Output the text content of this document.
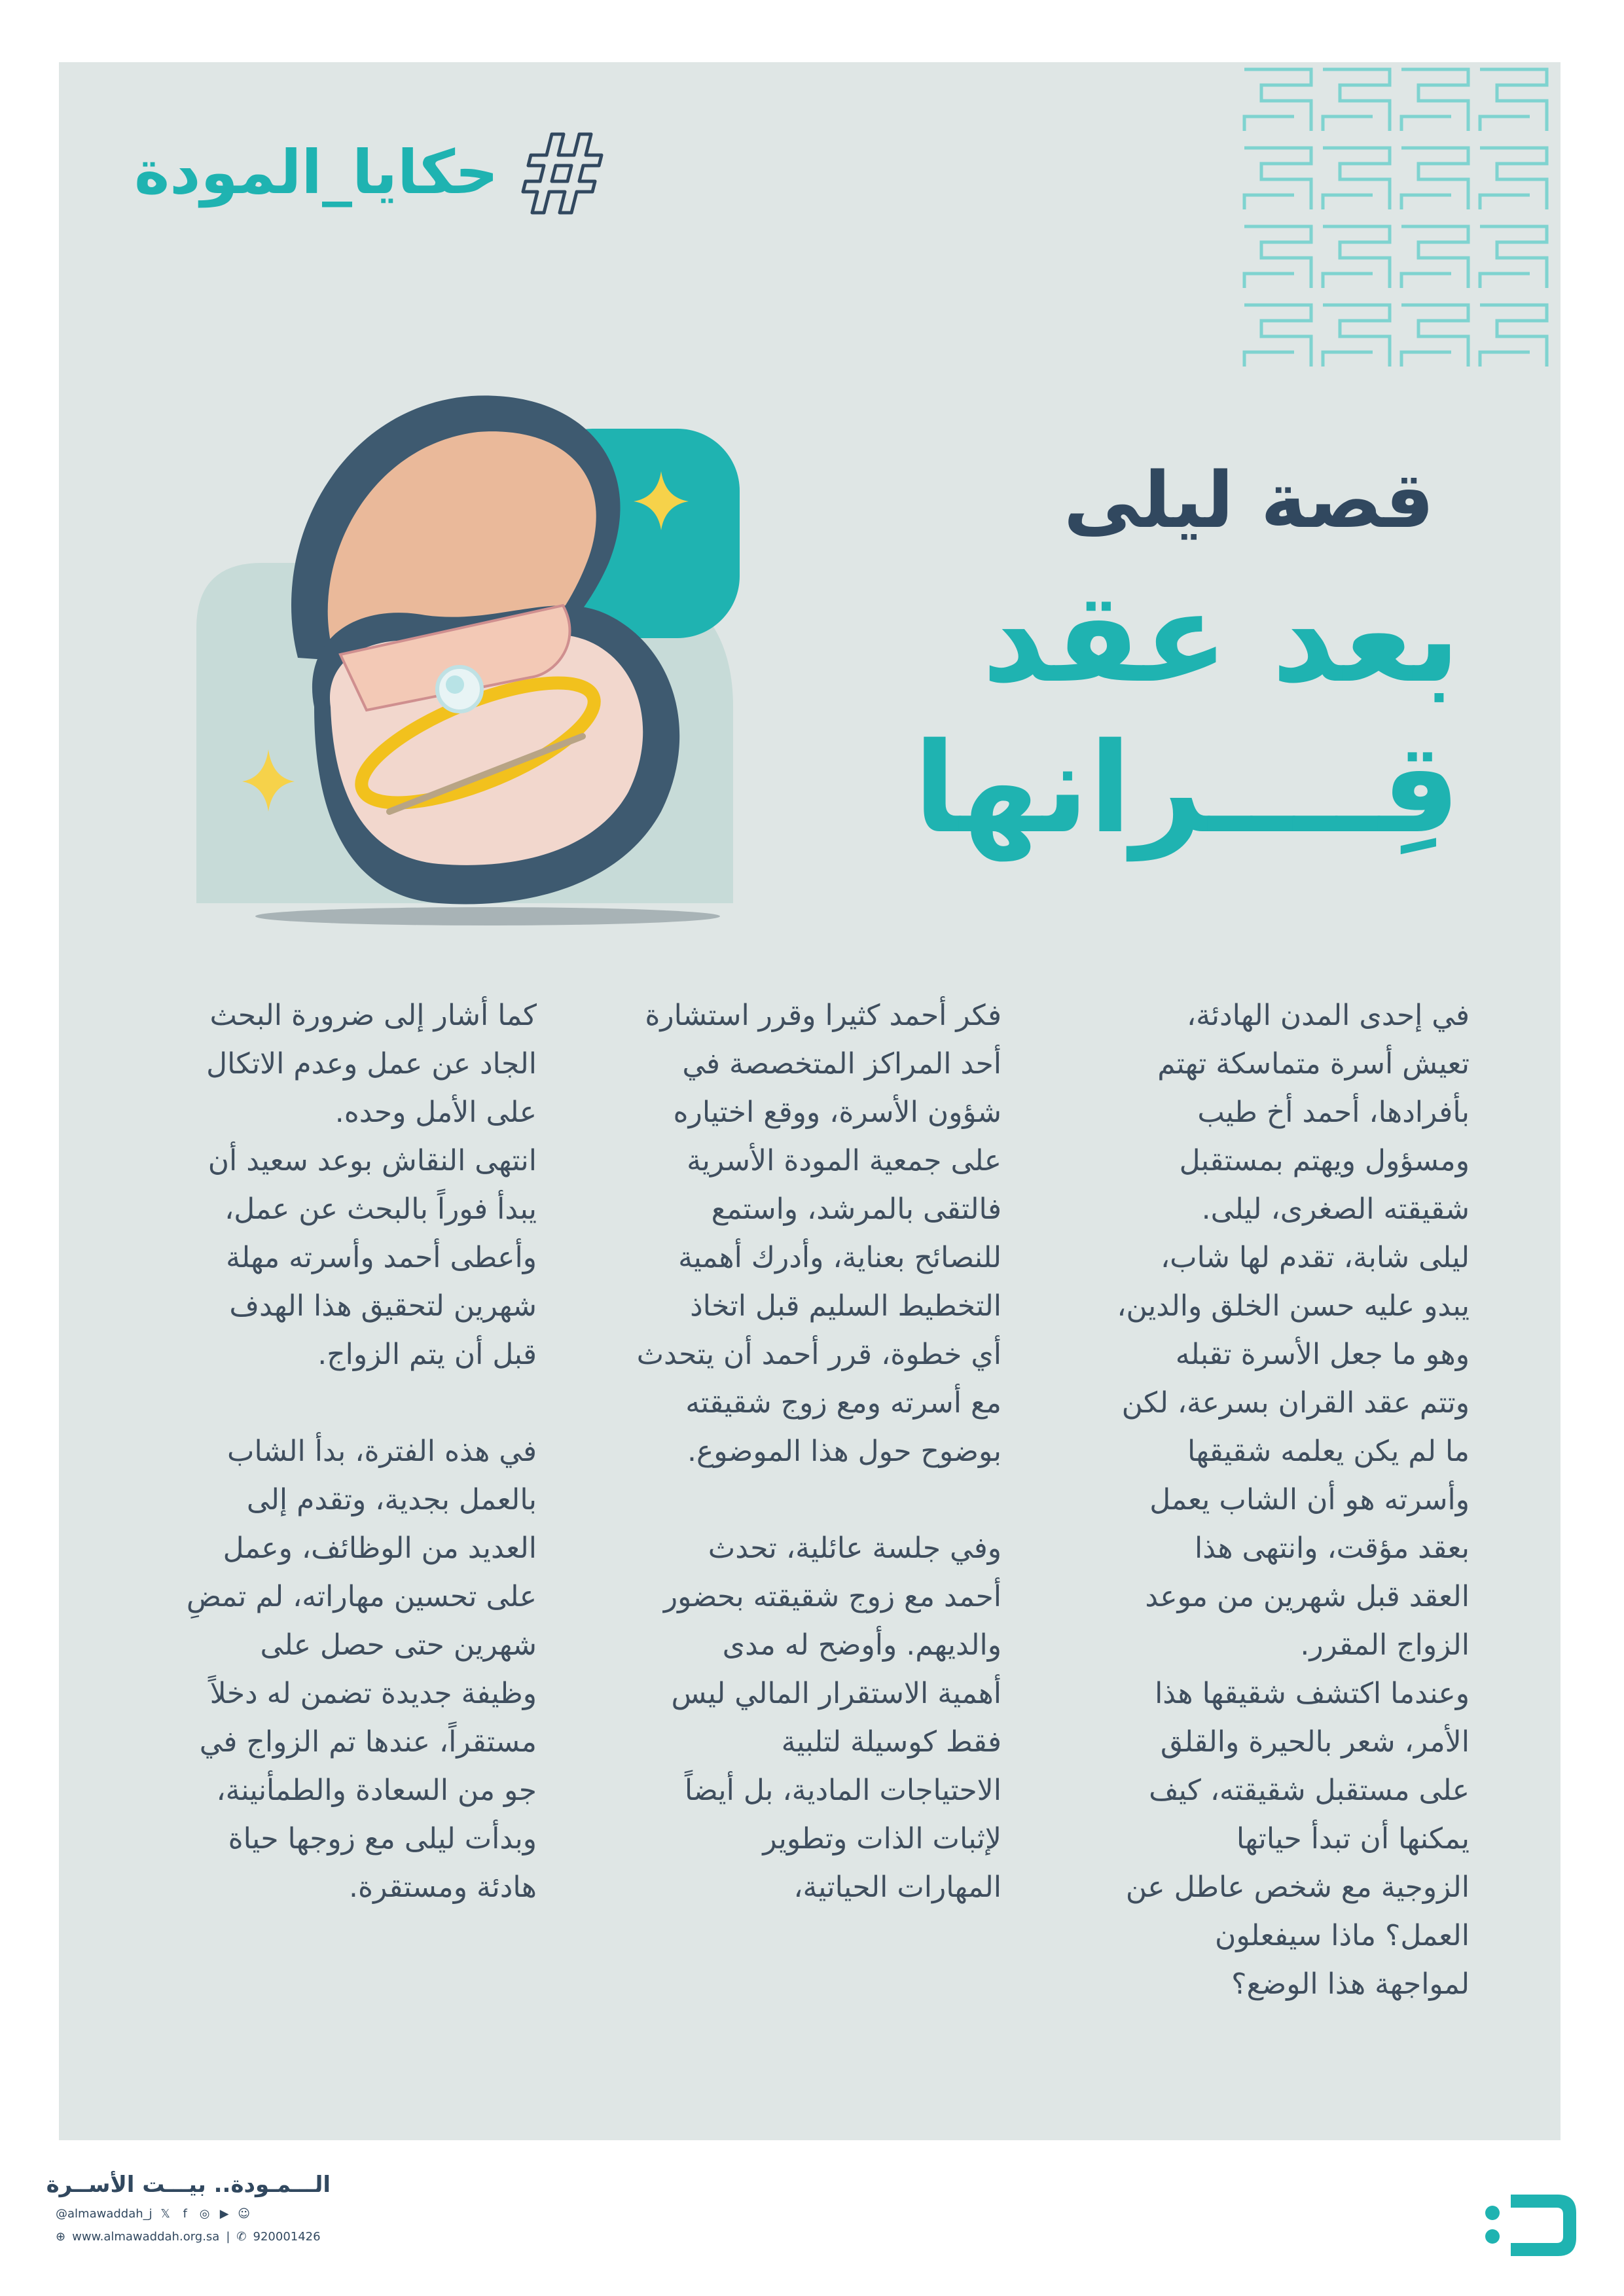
حكايا_المودة
قصة ليلى
بعد عقد
قِــــرانها

في إحدى المدن الهادئة،
تعيش أسرة متماسكة تهتم
بأفرادها، أحمد أخ طيب
ومسؤول ويهتم بمستقبل
شقيقته الصغرى، ليلى.

ليلى شابة، تقدم لها شاب،
يبدو عليه حسن الخلق والدين،
وهو ما جعل الأسرة تقبله
وتتم عقد القران بسرعة، لكن
ما لم يكن يعلمه شقيقها
وأسرته هو أن الشاب يعمل
بعقد مؤقت، وانتهى هذا
العقد قبل شهرين من موعد
الزواج المقرر.

وعندما اكتشف شقيقها هذا
الأمر، شعر بالحيرة والقلق
على مستقبل شقيقته، كيف
يمكنها أن تبدأ حياتها
الزوجية مع شخص عاطل عن
العمل؟ ماذا سيفعلون
لمواجهة هذا الوضع؟

فكر أحمد كثيرا وقرر استشارة
أحد المراكز المتخصصة في
شؤون الأسرة، ووقع اختياره
على جمعية المودة الأسرية
فالتقى بالمرشد، واستمع
للنصائح بعناية، وأدرك أهمية
التخطيط السليم قبل اتخاذ
أي خطوة، قرر أحمد أن يتحدث
مع أسرته ومع زوج شقيقته
بوضوح حول هذا الموضوع.

وفي جلسة عائلية، تحدث
أحمد مع زوج شقيقته بحضور
والديهم. وأوضح له مدى
أهمية الاستقرار المالي ليس
فقط كوسيلة لتلبية
الاحتياجات المادية، بل أيضاً
لإثبات الذات وتطوير
المهارات الحياتية،

كما أشار إلى ضرورة البحث
الجاد عن عمل وعدم الاتكال
على الأمل وحده.

انتهى النقاش بوعد سعيد أن
يبدأ فوراً بالبحث عن عمل،
وأعطى أحمد وأسرته مهلة
شهرين لتحقيق هذا الهدف
قبل أن يتم الزواج.

في هذه الفترة، بدأ الشاب
بالعمل بجدية، وتقدم إلى
العديد من الوظائف، وعمل
على تحسين مهاراته، لم تمضِ
شهرين حتى حصل على
وظيفة جديدة تضمن له دخلاً
مستقراً، عندها تم الزواج في
جو من السعادة والطمأنينة،
وبدأت ليلى مع زوجها حياة
هادئة ومستقرة.

الـــمـودة.. بيـــت الأســرة
@almawaddah_j 𝕏	f	◎ ▶ ☺
⊕ www.almawaddah.org.sa | ✆ 920001426
